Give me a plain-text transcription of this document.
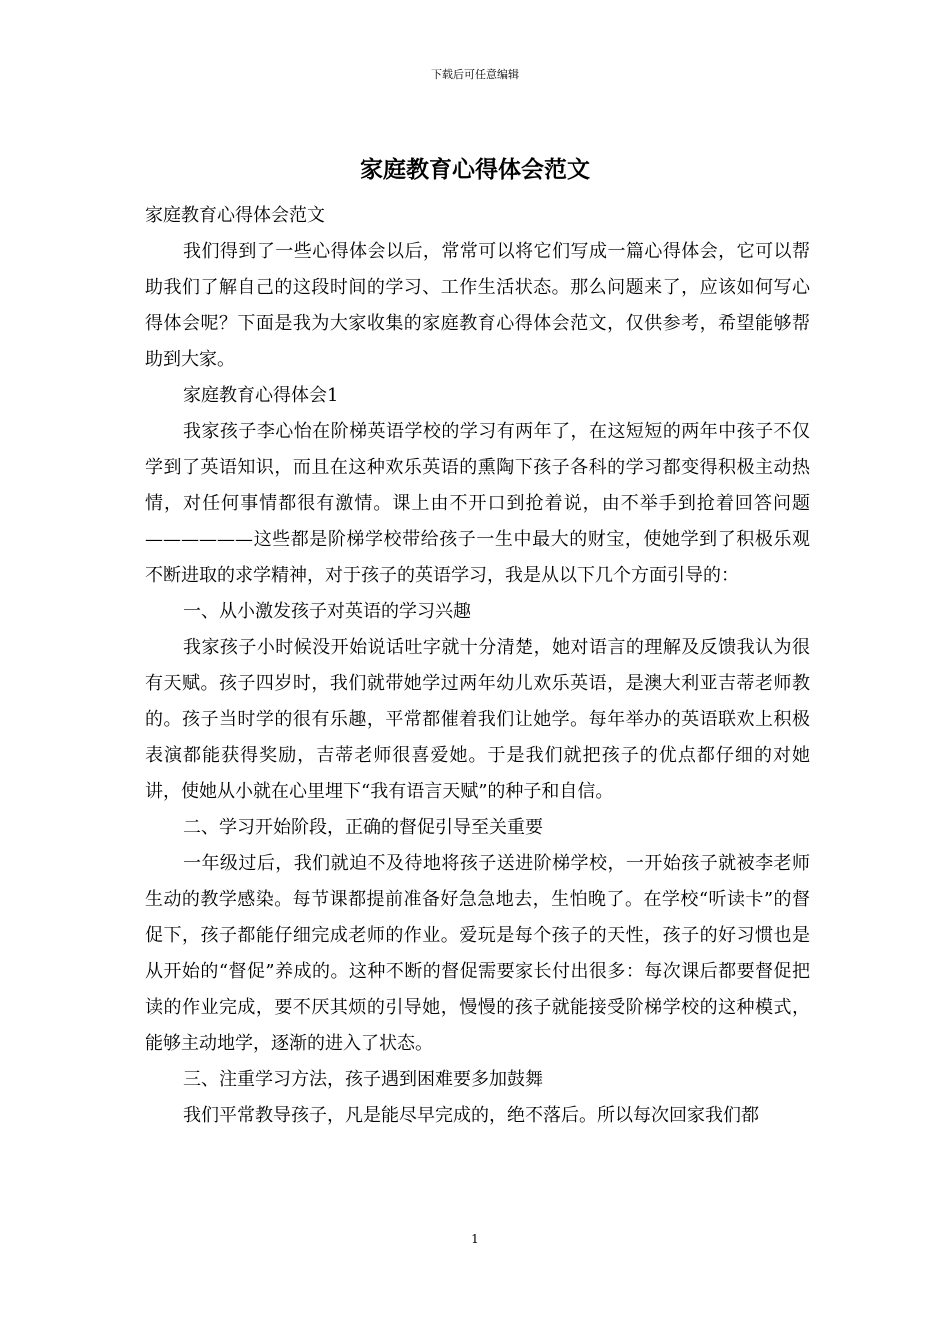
下载后可任意编辑
家庭教育心得体会范文

家庭教育心得体会范文

我们得到了一些心得体会以后，常常可以将它们写成一篇心得体会，它可以帮助我们了解自己的这段时间的学习、工作生活状态。那么问题来了，应该如何写心得体会呢？下面是我为大家收集的家庭教育心得体会范文，仅供参考，希望能够帮助到大家。

家庭教育心得体会1

我家孩子李心怡在阶梯英语学校的学习有两年了，在这短短的两年中孩子不仅学到了英语知识，而且在这种欢乐英语的熏陶下孩子各科的学习都变得积极主动热情，对任何事情都很有激情。课上由不开口到抢着说，由不举手到抢着回答问题——————这些都是阶梯学校带给孩子一生中最大的财宝，使她学到了积极乐观不断进取的求学精神，对于孩子的英语学习，我是从以下几个方面引导的：

一、从小激发孩子对英语的学习兴趣

我家孩子小时候没开始说话吐字就十分清楚，她对语言的理解及反馈我认为很有天赋。孩子四岁时，我们就带她学过两年幼儿欢乐英语，是澳大利亚吉蒂老师教的。孩子当时学的很有乐趣，平常都催着我们让她学。每年举办的英语联欢上积极表演都能获得奖励，吉蒂老师很喜爱她。于是我们就把孩子的优点都仔细的对她讲，使她从小就在心里埋下“我有语言天赋”的种子和自信。

二、学习开始阶段，正确的督促引导至关重要

一年级过后，我们就迫不及待地将孩子送进阶梯学校，一开始孩子就被李老师生动的教学感染。每节课都提前准备好急急地去，生怕晚了。在学校“听读卡”的督促下，孩子都能仔细完成老师的作业。爱玩是每个孩子的天性，孩子的好习惯也是从开始的“督促”养成的。这种不断的督促需要家长付出很多：每次课后都要督促把读的作业完成，要不厌其烦的引导她，慢慢的孩子就能接受阶梯学校的这种模式，能够主动地学，逐渐的进入了状态。

三、注重学习方法，孩子遇到困难要多加鼓舞

我们平常教导孩子，凡是能尽早完成的，绝不落后。所以每次回家我们都

1
